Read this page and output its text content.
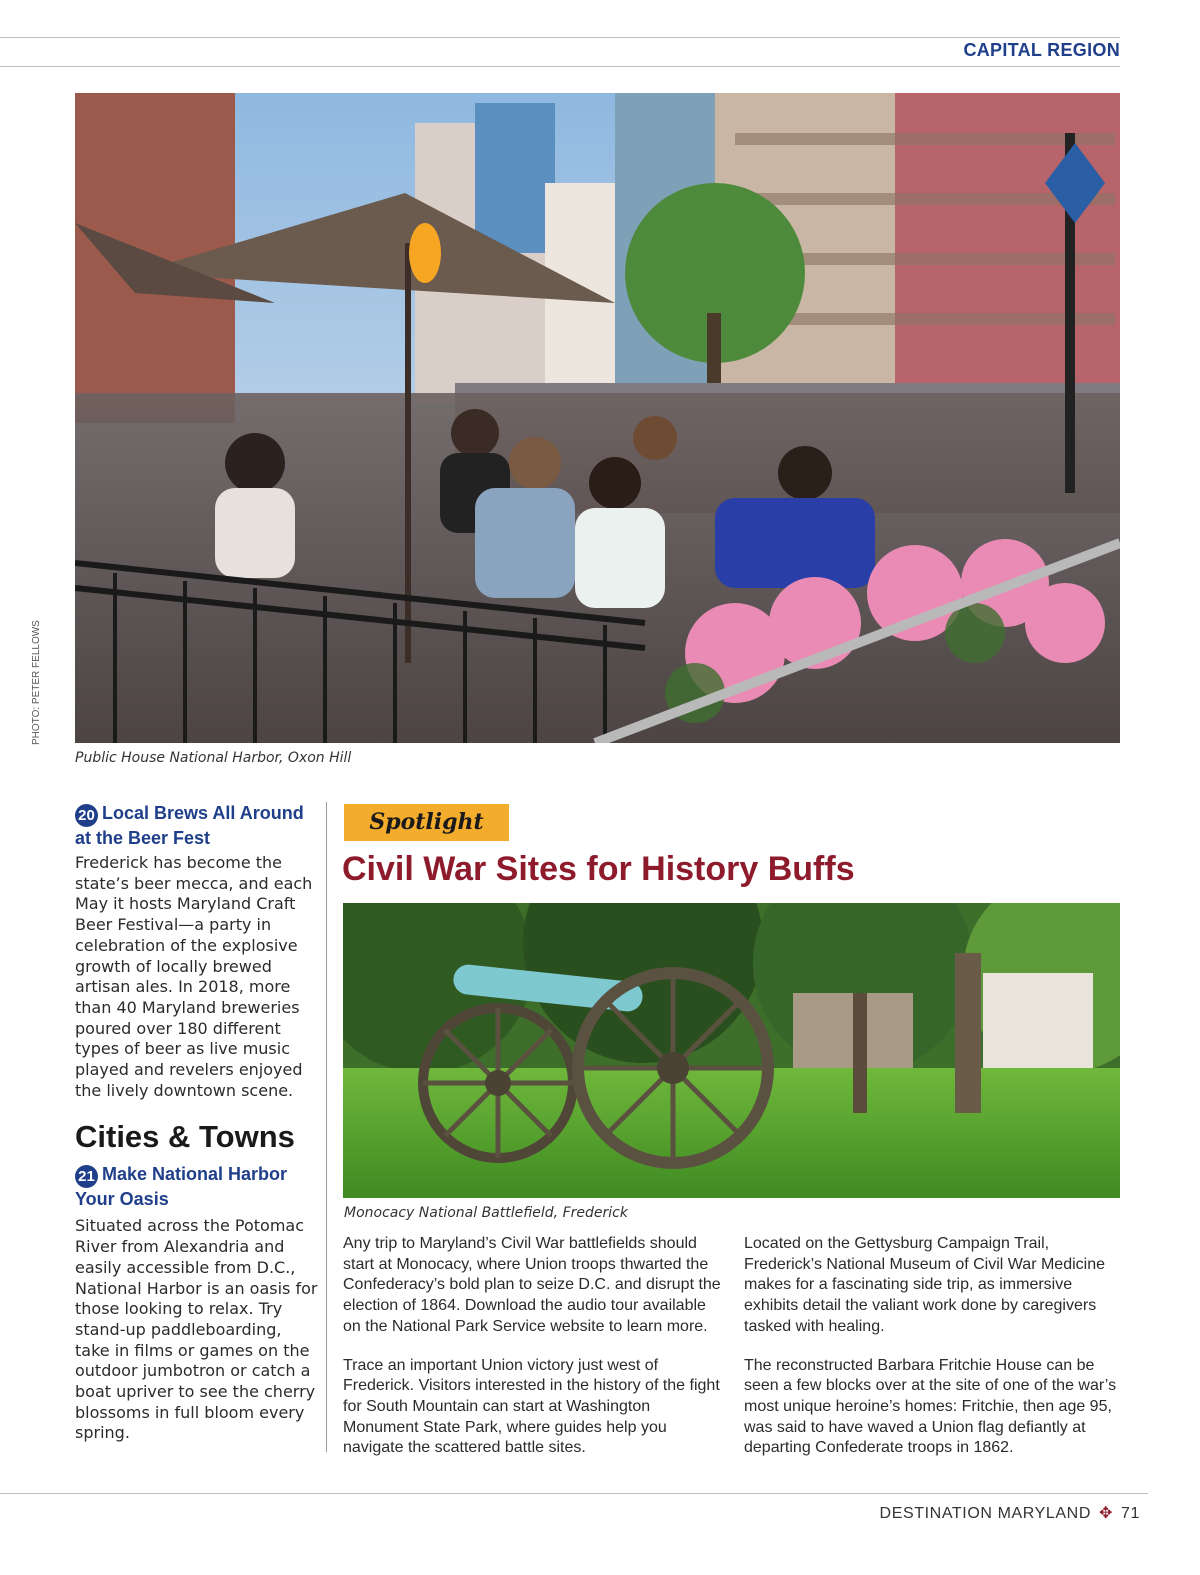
CAPITAL REGION
PHOTO: PETER FELLOWS
Public House National Harbor, Oxon Hill
20 Local Brews All Around at the Beer Fest

Frederick has become the state’s beer mecca, and each May it hosts Maryland Craft Beer Festival—a party in celebration of the explosive growth of locally brewed artisan ales. In 2018, more than 40 Maryland breweries poured over 180 different types of beer as live music played and revelers enjoyed the lively downtown scene.

Cities & Towns
21 Make National Harbor Your Oasis

Situated across the Potomac River from Alexandria and easily accessible from D.C., National Harbor is an oasis for those looking to relax. Try stand-up paddleboarding, take in films or games on the outdoor jumbotron or catch a boat upriver to see the cherry blossoms in full bloom every spring.

Spotlight
Civil War Sites for History Buffs
Monocacy National Battlefield, Frederick

Any trip to Maryland’s Civil War battlefields should start at Monocacy, where Union troops thwarted the Confederacy’s bold plan to seize D.C. and disrupt the election of 1864. Download the audio tour available on the National Park Service website to learn more.

Trace an important Union victory just west of Frederick. Visitors interested in the history of the fight for South Mountain can start at Washington Monument State Park, where guides help you navigate the scattered battle sites.

Located on the Gettysburg Campaign Trail, Frederick’s National Museum of Civil War Medicine makes for a fascinating side trip, as immersive exhibits detail the valiant work done by caregivers tasked with healing.

The reconstructed Barbara Fritchie House can be seen a few blocks over at the site of one of the war’s most unique heroine’s homes: Fritchie, then age 95, was said to have waved a Union flag defiantly at departing Confederate troops in 1862.

DESTINATION MARYLAND ✥ 71
